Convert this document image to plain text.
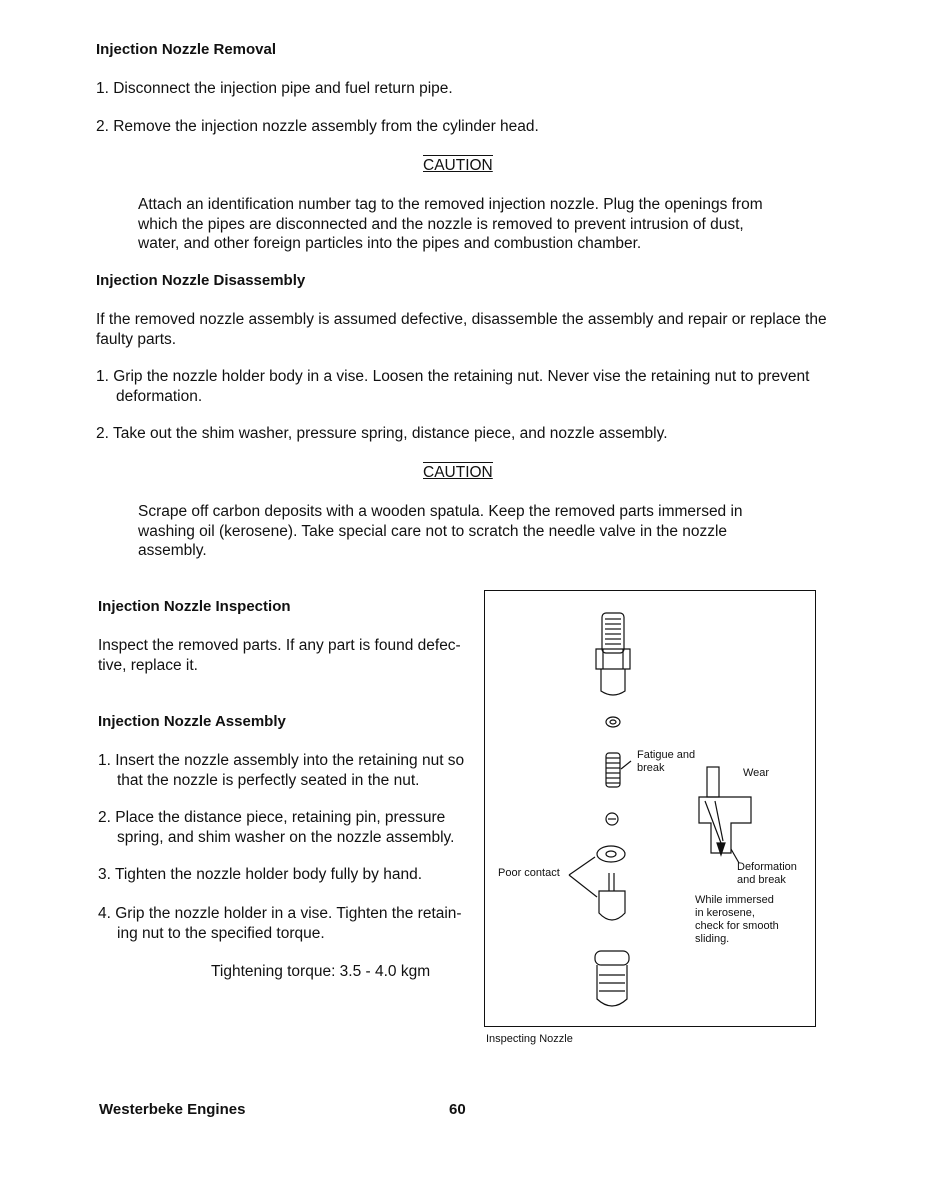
Injection Nozzle Removal
1. Disconnect the injection pipe and fuel return pipe.
2. Remove the injection nozzle assembly from the cylinder head.
CAUTION
Attach an identification number tag to the removed injection nozzle. Plug the openings from
which the pipes are disconnected and the nozzle is removed to prevent intrusion of dust,
water, and other foreign particles into the pipes and combustion chamber.
Injection Nozzle Disassembly
If the removed nozzle assembly is assumed defective, disassemble the assembly and repair or replace the
faulty parts.
1. Grip the nozzle holder body in a vise. Loosen the retaining nut. Never vise the retaining nut to prevent
deformation.
2. Take out the shim washer, pressure spring, distance piece, and nozzle assembly.
CAUTION
Scrape off carbon deposits with a wooden spatula. Keep the removed parts immersed in
washing oil (kerosene). Take special care not to scratch the needle valve in the nozzle
assembly.
Injection Nozzle Inspection
Inspect the removed parts. If any part is found defec-
tive, replace it.
Injection Nozzle Assembly
1. Insert the nozzle assembly into the retaining nut so
that the nozzle is perfectly seated in the nut.
2. Place the distance piece, retaining pin, pressure
spring, and shim washer on the nozzle assembly.
3. Tighten the nozzle holder body fully by hand.
4. Grip the nozzle holder in a vise. Tighten the retain-
ing nut to the specified torque.
Tightening torque: 3.5 - 4.0 kgm
Fatigue and
break	Wear
Poor contact	Deformation
and break
While immersed
in kerosene,
check for smooth
sliding.
Inspecting Nozzle
Westerbeke Engines	60
